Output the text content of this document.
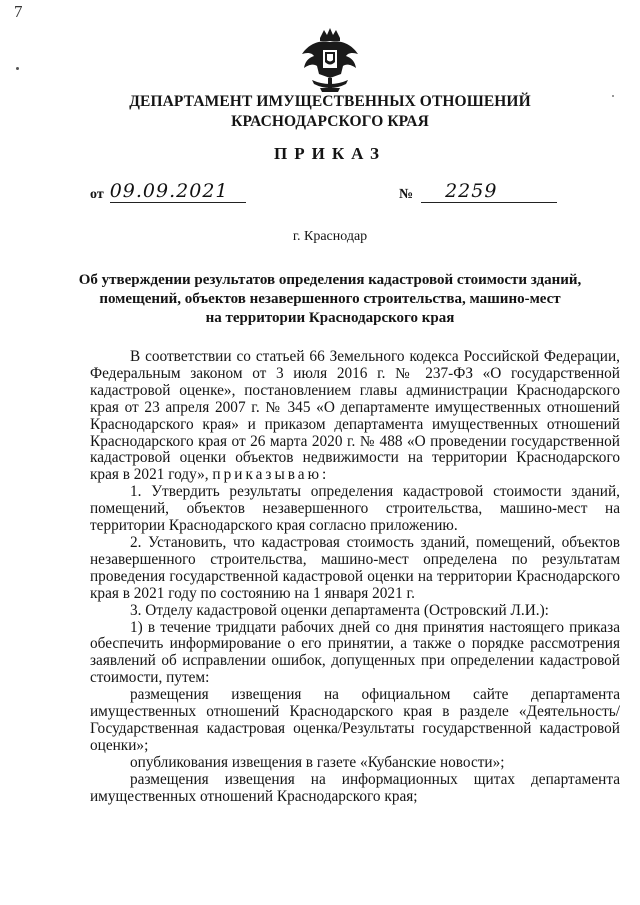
7
ДЕПАРТАМЕНТ ИМУЩЕСТВЕННЫХ ОТНОШЕНИЙ
КРАСНОДАРСКОГО КРАЯ
ПРИКАЗ
от 09.09.2021	№ 2259
г. Краснодар
Об утверждении результатов определения кадастровой стоимости зданий,
помещений, объектов незавершенного строительства, машино-мест
на территории Краснодарского края

В соответствии со статьей 66 Земельного кодекса Российской Федерации, Федеральным законом от 3 июля 2016 г. № 237-ФЗ «О государственной кадастровой оценке», постановлением главы администрации Краснодарского края от 23 апреля 2007 г. № 345 «О департаменте имущественных отношений Краснодарского края» и приказом департамента имущественных отношений Краснодарского края от 26 марта 2020 г. № 488 «О проведении государственной кадастровой оценки объектов недвижимости на территории Краснодарского края в 2021 году», приказываю:

1. Утвердить результаты определения кадастровой стоимости зданий, помещений, объектов незавершенного строительства, машино-мест на территории Краснодарского края согласно приложению.

2. Установить, что кадастровая стоимость зданий, помещений, объектов незавершенного строительства, машино-мест определена по результатам проведения государственной кадастровой оценки на территории Краснодарского края в 2021 году по состоянию на 1 января 2021 г.

3. Отделу кадастровой оценки департамента (Островский Л.И.):

1) в течение тридцати рабочих дней со дня принятия настоящего приказа обеспечить информирование о его принятии, а также о порядке рассмотрения заявлений об исправлении ошибок, допущенных при определении кадастровой стоимости, путем:

размещения извещения на официальном сайте департамента имущественных отношений Краснодарского края в разделе «Деятельность/ Государственная кадастровая оценка/Результаты государственной кадастровой оценки»;

опубликования извещения в газете «Кубанские новости»;

размещения извещения на информационных щитах департамента имущественных отношений Краснодарского края;
